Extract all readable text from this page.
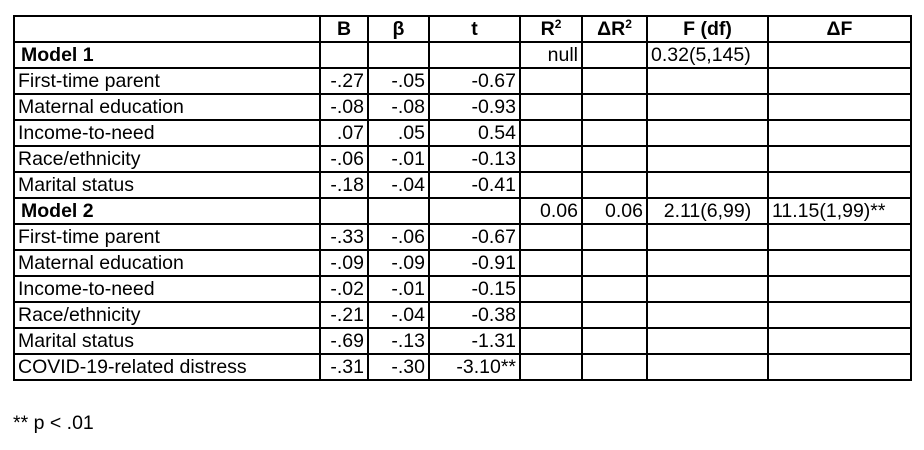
	B	β	t	$R^2$	$\Delta R^2$	F (df)	ΔF
Model 1				null		0.32(5,145)	
First-time parent	-.27	-.05	-0.67				
Maternal education	-.08	-.08	-0.93				
Income-to-need	.07	.05	0.54				
Race/ethnicity	-.06	-.01	-0.13				
Marital status	-.18	-.04	-0.41				
Model 2				0.06	0.06	2.11(6,99)	11.15(1,99)**
First-time parent	-.33	-.06	-0.67				
Maternal education	-.09	-.09	-0.91				
Income-to-need	-.02	-.01	-0.15				
Race/ethnicity	-.21	-.04	-0.38				
Marital status	-.69	-.13	-1.31				
COVID-19-related distress	-.31	-.30	-3.10**				
** p < .01
